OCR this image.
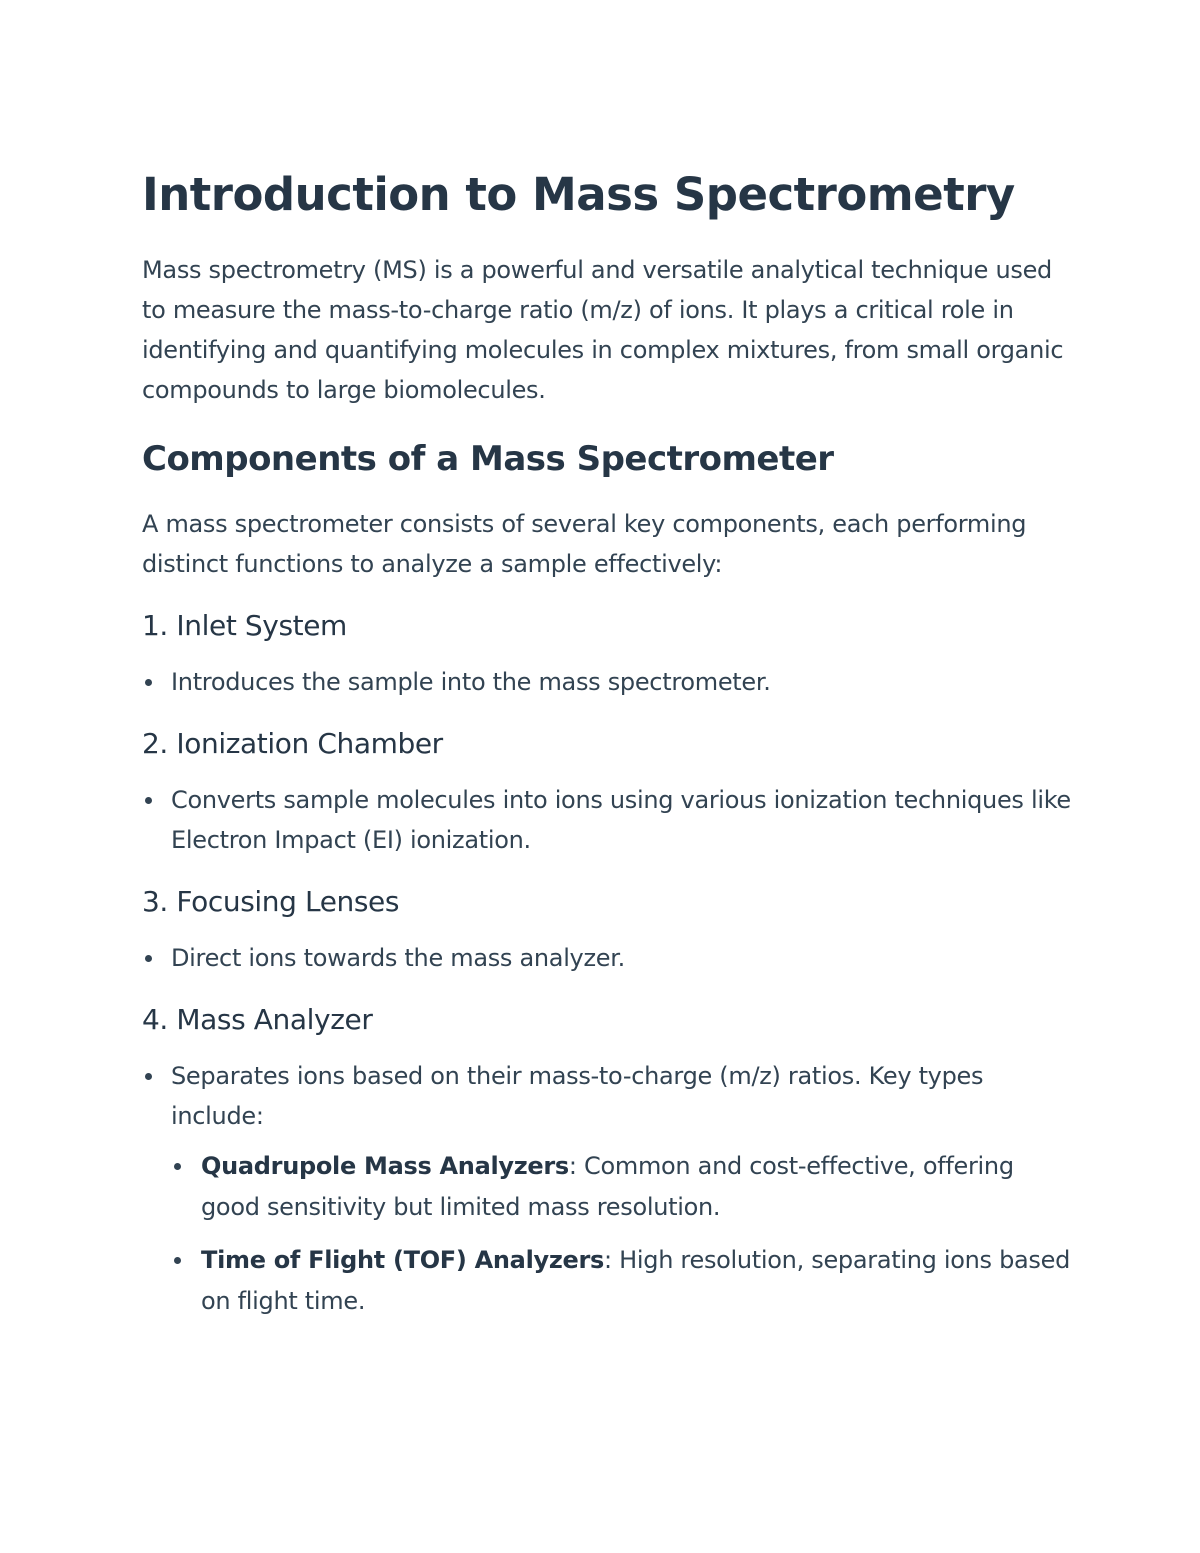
Introduction to Mass Spectrometry

Mass spectrometry (MS) is a powerful and versatile analytical technique used to measure the mass-to-charge ratio (m/z) of ions. It plays a critical role in identifying and quantifying molecules in complex mixtures, from small organic compounds to large biomolecules.

Components of a Mass Spectrometer

A mass spectrometer consists of several key components, each performing distinct functions to analyze a sample effectively:

1. Inlet System
Introduces the sample into the mass spectrometer.
2. Ionization Chamber
Converts sample molecules into ions using various ionization techniques like Electron Impact (EI) ionization.
3. Focusing Lenses
Direct ions towards the mass analyzer.
4. Mass Analyzer
Separates ions based on their mass-to-charge (m/z) ratios. Key types include:
Quadrupole Mass Analyzers: Common and cost-effective, offering good sensitivity but limited mass resolution.
Time of Flight (TOF) Analyzers: High resolution, separating ions based on flight time.
